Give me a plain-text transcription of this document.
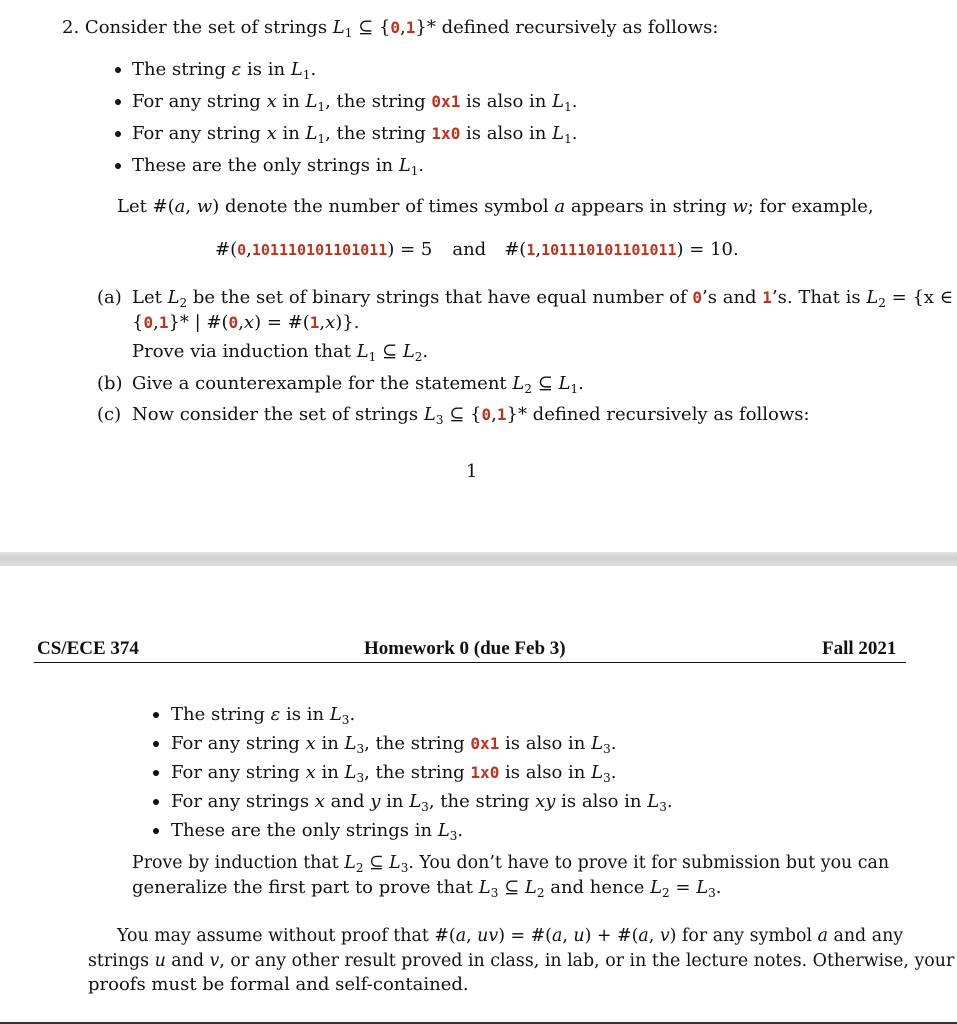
2. Consider the set of strings $L_1$ ⊆ {0,1}* defined recursively as follows:
The string ε is in $L_1$.
For any string x in $L_1$, the string 0x1 is also in $L_1$.
For any string x in $L_1$, the string 1x0 is also in $L_1$.
These are the only strings in $L_1$.
Let #(a, w) denote the number of times symbol a appears in string w; for example,
#(0,101110101101011) = 5 and #(1,101110101101011) = 10.
(a) Let $L_2$ be the set of binary strings that have equal number of 0’s and 1’s. That is $L_2 = \{x$ ∈
{0,1}* | #(0,x) = #(1,x)}.
Prove via induction that $L_1$ ⊆ $L_2$.
(b) Give a counterexample for the statement $L_2$ ⊆ $L_1$.
(c) Now consider the set of strings $L_3$ ⊆ {0,1}* defined recursively as follows:
1
CS/ECE 374	Homework 0 (due Feb 3)	Fall 2021
The string ε is in $L_3$.
For any string x in $L_3$, the string 0x1 is also in $L_3$.
For any string x in $L_3$, the string 1x0 is also in $L_3$.
For any strings x and y in $L_3$, the string xy is also in $L_3$.
These are the only strings in $L_3$.
Prove by induction that $L_2$ ⊆ $L_3$. You don’t have to prove it for submission but you can
generalize the first part to prove that $L_3$ ⊆ $L_2$ and hence $L_2 = L_3$.
You may assume without proof that #(a, uv) = #(a, u) + #(a, v) for any symbol a and any
strings u and v, or any other result proved in class, in lab, or in the lecture notes. Otherwise, your
proofs must be formal and self-contained.
